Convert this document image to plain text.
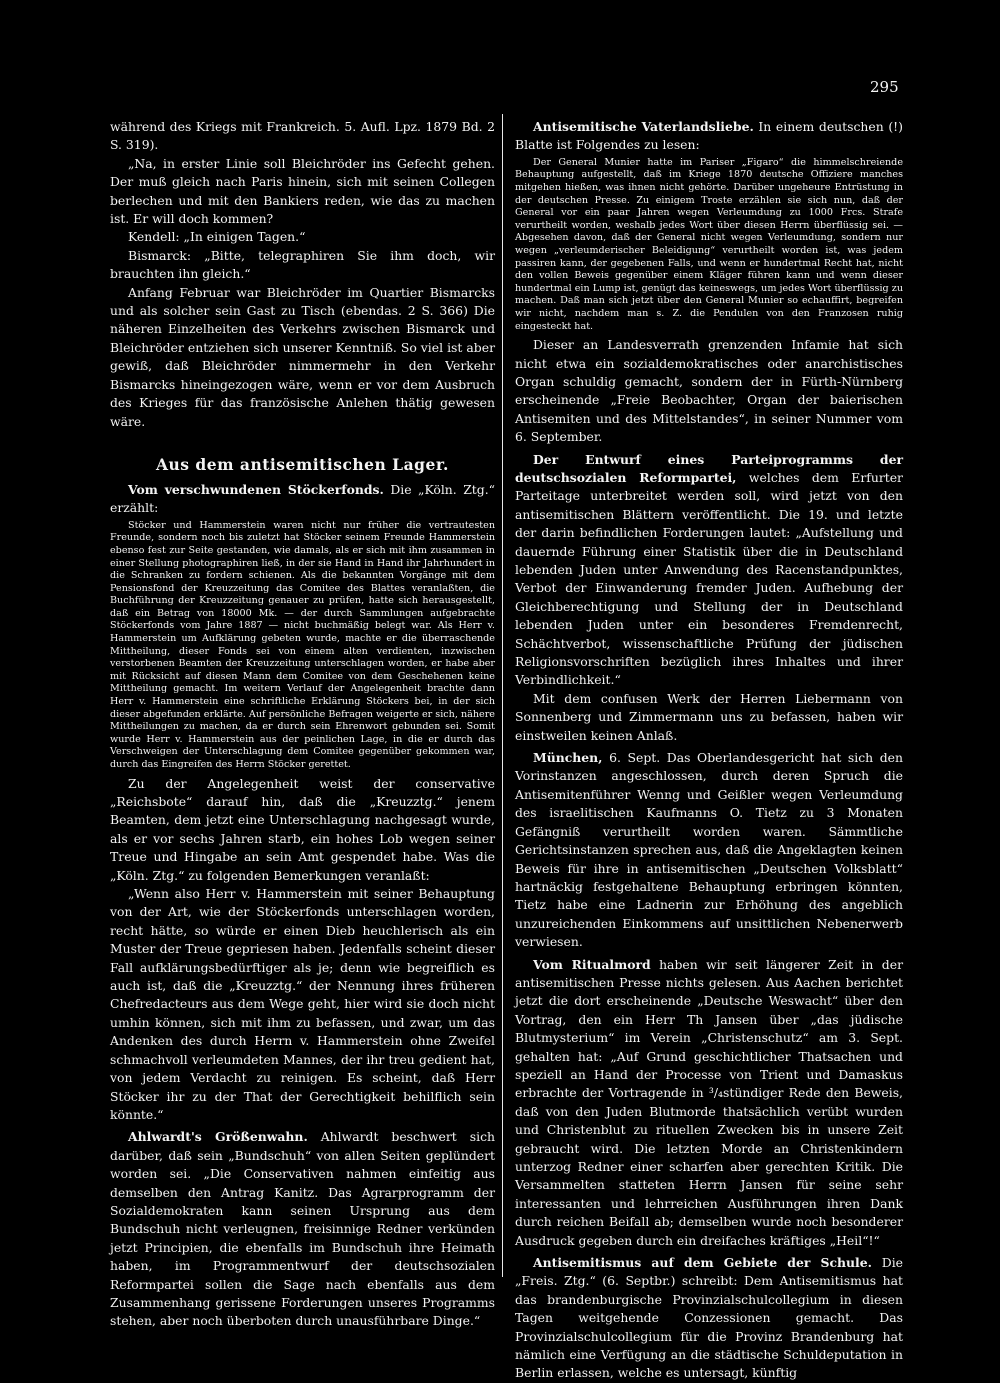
295

während des Kriegs mit Frankreich. 5. Aufl. Lpz. 1879 Bd. 2 S. 319).

„Na, in erster Linie soll Bleichröder ins Gefecht gehen. Der muß gleich nach Paris hinein, sich mit seinen Collegen berlechen und mit den Bankiers reden, wie das zu machen ist. Er will doch kommen?

Kendell: „In einigen Tagen.“

Bismarck: „Bitte, telegraphiren Sie ihm doch, wir brauchten ihn gleich.“

Anfang Februar war Bleichröder im Quartier Bismarcks und als solcher sein Gast zu Tisch (ebendas. 2 S. 366) Die näheren Einzelheiten des Verkehrs zwischen Bismarck und Bleichröder entziehen sich unserer Kenntniß. So viel ist aber gewiß, daß Bleichröder nimmermehr in den Verkehr Bismarcks hineingezogen wäre, wenn er vor dem Ausbruch des Krieges für das französische Anlehen thätig gewesen wäre.

Aus dem antisemitischen Lager.

Vom verschwundenen Stöckerfonds. Die „Köln. Ztg.“ erzählt:

Stöcker und Hammerstein waren nicht nur früher die vertrautesten Freunde, sondern noch bis zuletzt hat Stöcker seinem Freunde Hammerstein ebenso fest zur Seite gestanden, wie damals, als er sich mit ihm zusammen in einer Stellung photographiren ließ, in der sie Hand in Hand ihr Jahrhundert in die Schranken zu fordern schienen. Als die bekannten Vorgänge mit dem Pensionsfond der Kreuzzeitung das Comitee des Blattes veranlaßten, die Buchführung der Kreuzzeitung genauer zu prüfen, hatte sich herausgestellt, daß ein Betrag von 18000 Mk. — der durch Sammlungen aufgebrachte Stöckerfonds vom Jahre 1887 — nicht buchmäßig belegt war. Als Herr v. Hammerstein um Aufklärung gebeten wurde, machte er die überraschende Mittheilung, dieser Fonds sei von einem alten verdienten, inzwischen verstorbenen Beamten der Kreuzzeitung unterschlagen worden, er habe aber mit Rücksicht auf diesen Mann dem Comitee von dem Geschehenen keine Mittheilung gemacht. Im weitern Verlauf der Angelegenheit brachte dann Herr v. Hammerstein eine schriftliche Erklärung Stöckers bei, in der sich dieser abgefunden erklärte. Auf persönliche Befragen weigerte er sich, nähere Mittheilungen zu machen, da er durch sein Ehrenwort gebunden sei. Somit wurde Herr v. Hammerstein aus der peinlichen Lage, in die er durch das Verschweigen der Unterschlagung dem Comitee gegenüber gekommen war, durch das Eingreifen des Herrn Stöcker gerettet.

Zu der Angelegenheit weist der conservative „Reichsbote“ darauf hin, daß die „Kreuzztg.“ jenem Beamten, dem jetzt eine Unterschlagung nachgesagt wurde, als er vor sechs Jahren starb, ein hohes Lob wegen seiner Treue und Hingabe an sein Amt gespendet habe. Was die „Köln. Ztg.“ zu folgenden Bemerkungen veranlaßt:

„Wenn also Herr v. Hammerstein mit seiner Behauptung von der Art, wie der Stöckerfonds unterschlagen worden, recht hätte, so würde er einen Dieb heuchlerisch als ein Muster der Treue gepriesen haben. Jedenfalls scheint dieser Fall aufklärungsbedürftiger als je; denn wie begreiflich es auch ist, daß die „Kreuzztg.“ der Nennung ihres früheren Chefredacteurs aus dem Wege geht, hier wird sie doch nicht umhin können, sich mit ihm zu befassen, und zwar, um das Andenken des durch Herrn v. Hammerstein ohne Zweifel schmachvoll verleumdeten Mannes, der ihr treu gedient hat, von jedem Verdacht zu reinigen. Es scheint, daß Herr Stöcker ihr zu der That der Gerechtigkeit behilflich sein könnte.“

Ahlwardt's Größenwahn. Ahlwardt beschwert sich darüber, daß sein „Bundschuh“ von allen Seiten geplündert worden sei. „Die Conservativen nahmen einfeitig aus demselben den Antrag Kanitz. Das Agrarprogramm der Sozialdemokraten kann seinen Ursprung aus dem Bundschuh nicht verleugnen, freisinnige Redner verkünden jetzt Principien, die ebenfalls im Bundschuh ihre Heimath haben, im Programmentwurf der deutschsozialen Reformpartei sollen die Sage nach ebenfalls aus dem Zusammenhang gerissene Forderungen unseres Programms stehen, aber noch überboten durch unausführbare Dinge.“

Antisemitische Vaterlandsliebe. In einem deutschen (!) Blatte ist Folgendes zu lesen:

Der General Munier hatte im Pariser „Figaro“ die himmelschreiende Behauptung aufgestellt, daß im Kriege 1870 deutsche Offiziere manches mitgehen hießen, was ihnen nicht gehörte. Darüber ungeheure Entrüstung in der deutschen Presse. Zu einigem Troste erzählen sie sich nun, daß der General vor ein paar Jahren wegen Verleumdung zu 1000 Frcs. Strafe verurtheilt worden, weshalb jedes Wort über diesen Herrn überflüssig sei. — Abgesehen davon, daß der General nicht wegen Verleumdung, sondern nur wegen „verleumderischer Beleidigung“ verurtheilt worden ist, was jedem passiren kann, der gegebenen Falls, und wenn er hundertmal Recht hat, nicht den vollen Beweis gegenüber einem Kläger führen kann und wenn dieser hundertmal ein Lump ist, genügt das keineswegs, um jedes Wort überflüssig zu machen. Daß man sich jetzt über den General Munier so echauffirt, begreifen wir nicht, nachdem man s. Z. die Pendulen von den Franzosen ruhig eingesteckt hat.

Dieser an Landesverrath grenzenden Infamie hat sich nicht etwa ein sozialdemokratisches oder anarchistisches Organ schuldig gemacht, sondern der in Fürth-Nürnberg erscheinende „Freie Beobachter, Organ der baierischen Antisemiten und des Mittelstandes“, in seiner Nummer vom 6. September.

Der Entwurf eines Parteiprogramms der deutschsozialen Reformpartei, welches dem Erfurter Parteitage unterbreitet werden soll, wird jetzt von den antisemitischen Blättern veröffentlicht. Die 19. und letzte der darin befindlichen Forderungen lautet: „Aufstellung und dauernde Führung einer Statistik über die in Deutschland lebenden Juden unter Anwendung des Racenstandpunktes, Verbot der Einwanderung fremder Juden. Aufhebung der Gleichberechtigung und Stellung der in Deutschland lebenden Juden unter ein besonderes Fremdenrecht, Schächtverbot, wissenschaftliche Prüfung der jüdischen Religionsvorschriften bezüglich ihres Inhaltes und ihrer Verbindlichkeit.“

Mit dem confusen Werk der Herren Liebermann von Sonnenberg und Zimmermann uns zu befassen, haben wir einstweilen keinen Anlaß.

München, 6. Sept. Das Oberlandesgericht hat sich den Vorinstanzen angeschlossen, durch deren Spruch die Antisemitenführer Wenng und Geißler wegen Verleumdung des israelitischen Kaufmanns O. Tietz zu 3 Monaten Gefängniß verurtheilt worden waren. Sämmtliche Gerichtsinstanzen sprechen aus, daß die Angeklagten keinen Beweis für ihre in antisemitischen „Deutschen Volksblatt“ hartnäckig festgehaltene Behauptung erbringen könnten, Tietz habe eine Ladnerin zur Erhöhung des angeblich unzureichenden Einkommens auf unsittlichen Nebenerwerb verwiesen.

Vom Ritualmord haben wir seit längerer Zeit in der antisemitischen Presse nichts gelesen. Aus Aachen berichtet jetzt die dort erscheinende „Deutsche Weswacht“ über den Vortrag, den ein Herr Th Jansen über „das jüdische Blutmysterium“ im Verein „Christenschutz“ am 3. Sept. gehalten hat: „Auf Grund geschichtlicher Thatsachen und speziell an Hand der Processe von Trient und Damaskus erbrachte der Vortragende in ³/₄stündiger Rede den Beweis, daß von den Juden Blutmorde thatsächlich verübt wurden und Christenblut zu rituellen Zwecken bis in unsere Zeit gebraucht wird. Die letzten Morde an Christenkindern unterzog Redner einer scharfen aber gerechten Kritik. Die Versammelten statteten Herrn Jansen für seine sehr interessanten und lehrreichen Ausführungen ihren Dank durch reichen Beifall ab; demselben wurde noch besonderer Ausdruck gegeben durch ein dreifaches kräftiges „Heil“!“

Antisemitismus auf dem Gebiete der Schule. Die „Freis. Ztg.“ (6. Septbr.) schreibt: Dem Antisemitismus hat das brandenburgische Provinzialschulcollegium in diesen Tagen weitgehende Conzessionen gemacht. Das Provinzialschulcollegium für die Provinz Brandenburg hat nämlich eine Verfügung an die städtische Schuldeputation in Berlin erlassen, welche es untersagt, künftig
